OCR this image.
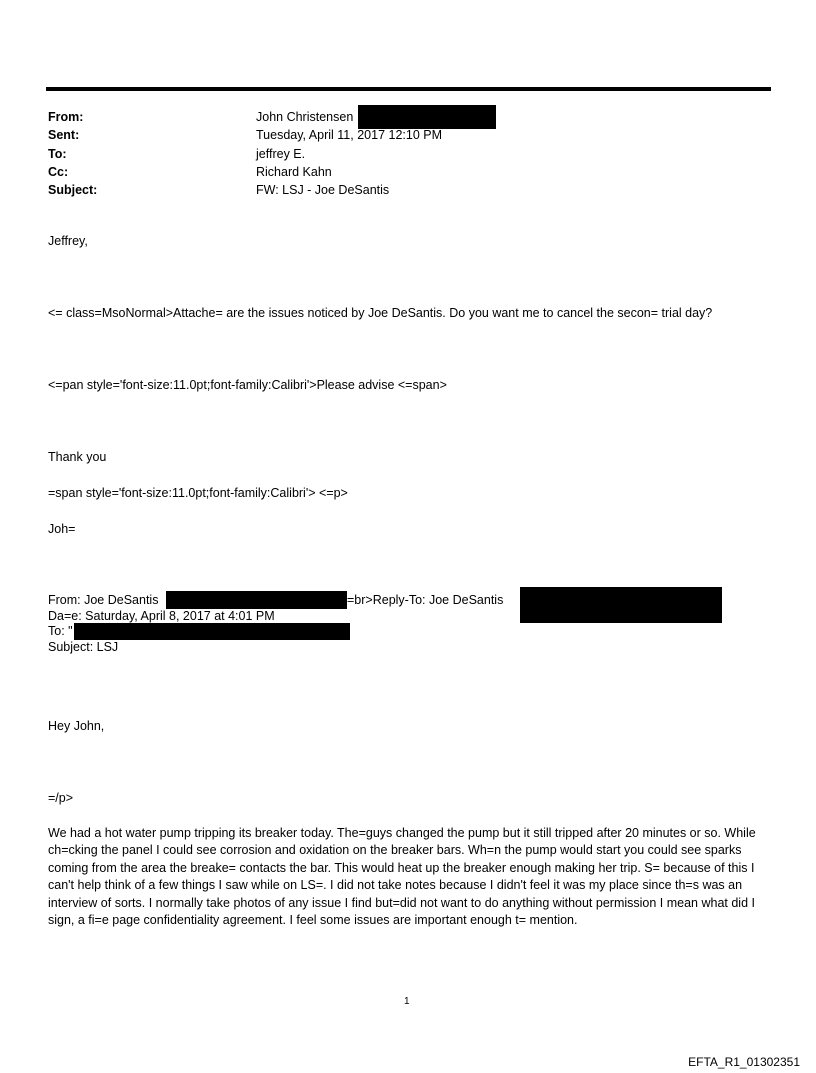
From:	John Christensen
Sent:	Tuesday, April 11, 2017 12:10 PM
To:	jeffrey E.
Cc:	Richard Kahn
Subject:	FW: LSJ - Joe DeSantis
Jeffrey,
<= class=MsoNormal>Attache= are the issues noticed by Joe DeSantis. Do you want me to cancel the secon= trial day?
<=pan style='font-size:11.0pt;font-family:Calibri'>Please advise <=span>
Thank you
=span style='font-size:11.0pt;font-family:Calibri'> <=p>
Joh=
From: Joe DeSantis	=br>Reply-To: Joe DeSantis
Da=e: Saturday, April 8, 2017 at 4:01 PM
To: "
Subject: LSJ
Hey John,
=/p>

We had a hot water pump tripping its breaker today. The=guys changed the pump but it still tripped after 20 minutes or so. While ch=cking the panel I could see corrosion and oxidation on the breaker bars. Wh=n the pump would start you could see sparks coming from the area the breake= contacts the bar. This would heat up the breaker enough making her trip. S= because of this I can't help think of a few things I saw while on LS=. I did not take notes because I didn't feel it was my place since th=s was an interview of sorts. I normally take photos of any issue I find but=did not want to do anything without permission I mean what did I sign, a fi=e page confidentiality agreement. I feel some issues are important enough t= mention.

1
EFTA_R1_01302351
